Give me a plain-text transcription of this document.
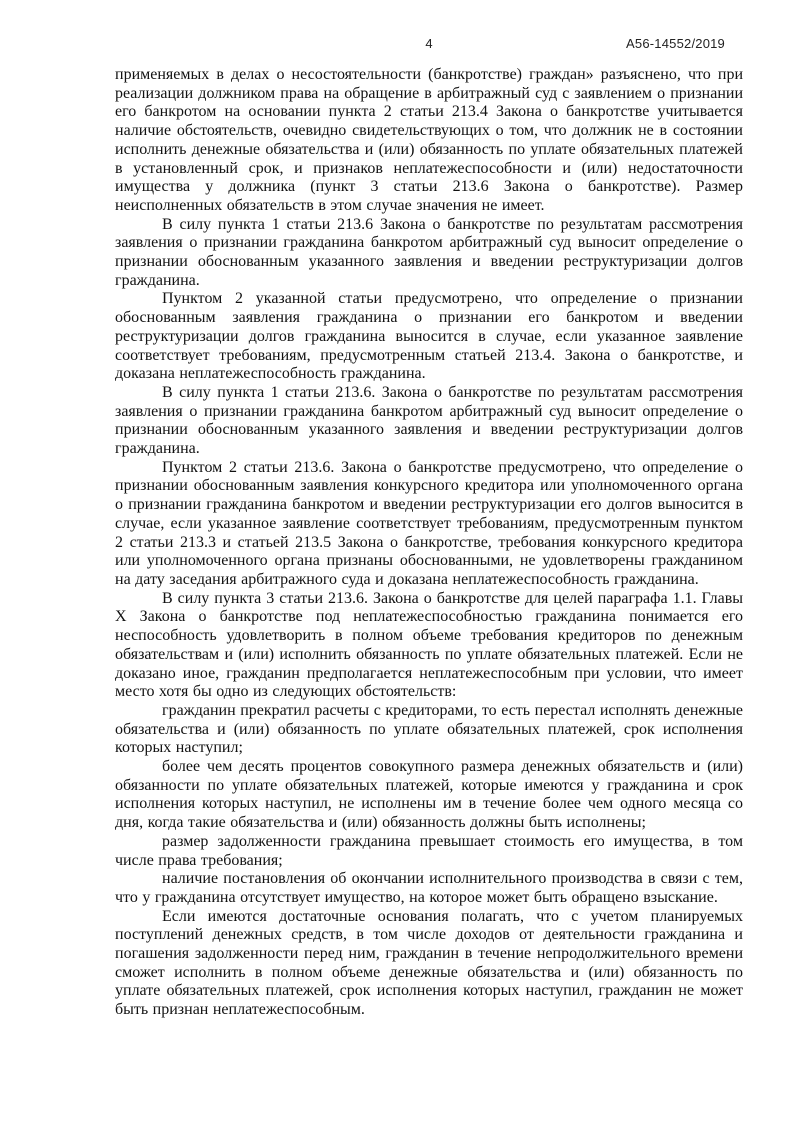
4	А56-14552/2019

применяемых в делах о несостоятельности (банкротстве) граждан» разъяснено, что при реализации должником права на обращение в арбитражный суд с заявлением о признании его банкротом на основании пункта 2 статьи 213.4 Закона о банкротстве учитывается наличие обстоятельств, очевидно свидетельствующих о том, что должник не в состоянии исполнить денежные обязательства и (или) обязанность по уплате обязательных платежей в установленный срок, и признаков неплатежеспособности и (или) недостаточности имущества у должника (пункт 3 статьи 213.6 Закона о банкротстве). Размер неисполненных обязательств в этом случае значения не имеет.

В силу пункта 1 статьи 213.6 Закона о банкротстве по результатам рассмотрения заявления о признании гражданина банкротом арбитражный суд выносит определение о признании обоснованным указанного заявления и введении реструктуризации долгов гражданина.

Пунктом 2 указанной статьи предусмотрено, что определение о признании обоснованным заявления гражданина о признании его банкротом и введении реструктуризации долгов гражданина выносится в случае, если указанное заявление соответствует требованиям, предусмотренным статьей 213.4. Закона о банкротстве, и доказана неплатежеспособность гражданина.

В силу пункта 1 статьи 213.6. Закона о банкротстве по результатам рассмотрения заявления о признании гражданина банкротом арбитражный суд выносит определение о признании обоснованным указанного заявления и введении реструктуризации долгов гражданина.

Пунктом 2 статьи 213.6. Закона о банкротстве предусмотрено, что определение о признании обоснованным заявления конкурсного кредитора или уполномоченного органа о признании гражданина банкротом и введении реструктуризации его долгов выносится в случае, если указанное заявление соответствует требованиям, предусмотренным пунктом 2 статьи 213.3 и статьей 213.5 Закона о банкротстве, требования конкурсного кредитора или уполномоченного органа признаны обоснованными, не удовлетворены гражданином на дату заседания арбитражного суда и доказана неплатежеспособность гражданина.

В силу пункта 3 статьи 213.6. Закона о банкротстве для целей параграфа 1.1. Главы X Закона о банкротстве под неплатежеспособностью гражданина понимается его неспособность удовлетворить в полном объеме требования кредиторов по денежным обязательствам и (или) исполнить обязанность по уплате обязательных платежей. Если не доказано иное, гражданин предполагается неплатежеспособным при условии, что имеет место хотя бы одно из следующих обстоятельств:

гражданин прекратил расчеты с кредиторами, то есть перестал исполнять денежные обязательства и (или) обязанность по уплате обязательных платежей, срок исполнения которых наступил;

более чем десять процентов совокупного размера денежных обязательств и (или) обязанности по уплате обязательных платежей, которые имеются у гражданина и срок исполнения которых наступил, не исполнены им в течение более чем одного месяца со дня, когда такие обязательства и (или) обязанность должны быть исполнены;

размер задолженности гражданина превышает стоимость его имущества, в том числе права требования;

наличие постановления об окончании исполнительного производства в связи с тем, что у гражданина отсутствует имущество, на которое может быть обращено взыскание.

Если имеются достаточные основания полагать, что с учетом планируемых поступлений денежных средств, в том числе доходов от деятельности гражданина и погашения задолженности перед ним, гражданин в течение непродолжительного времени сможет исполнить в полном объеме денежные обязательства и (или) обязанность по уплате обязательных платежей, срок исполнения которых наступил, гражданин не может быть признан неплатежеспособным.
